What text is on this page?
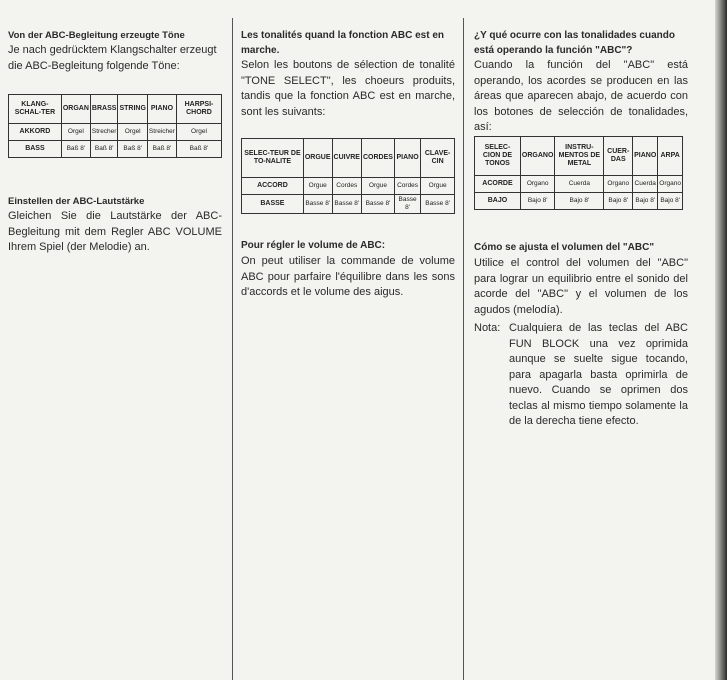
Von der ABC-Begleitung erzeugte Töne

Je nach gedrücktem Klangschalter erzeugt die ABC-Begleitung folgende Töne:

KLANG-SCHAL-TER	ORGAN	BRASS	STRING	PIANO	HARPSI-CHORD
AKKORD	Orgel	Strecher	Orgel	Streicher	Orgel
BASS	Baß 8'	Baß 8'	Baß 8'	Baß 8'	Baß 8'

Einstellen der ABC-Lautstärke

Gleichen Sie die Lautstärke der ABC-Begleitung mit dem Regler ABC VOLUME Ihrem Spiel (der Melodie) an.

Les tonalités quand la fonction ABC est en marche.

Selon les boutons de sélection de tonalité "TONE SELECT", les choeurs produits, tandis que la fonction ABC est en marche, sont les suivants:

SELEC-TEUR DE TO-NALITE	ORGUE	CUIVRE	CORDES	PIANO	CLAVE-CIN
ACCORD	Orgue	Cordes	Orgue	Cordes	Orgue
BASSE	Basse 8'	Basse 8'	Basse 8'	Basse 8'	Basse 8'

Pour régler le volume de ABC:

On peut utiliser la commande de volume ABC pour parfaire l'équilibre dans les sons d'accords et le volume des aigus.

¿Y qué ocurre con las tonalidades cuando está operando la función "ABC"?

Cuando la función del "ABC" está operando, los acordes se producen en las áreas que aparecen abajo, de acuerdo con los botones de selección de tonalidades, así:

SELEC-CION DE TONOS	ORGANO	INSTRU-MENTOS DE METAL	CUER-DAS	PIANO	ARPA
ACORDE	Organo	Cuerda	Organo	Cuerda	Organo
BAJO	Bajo 8'	Bajo 8'	Bajo 8'	Bajo 8'	Bajo 8'

Cómo se ajusta el volumen del "ABC"

Utilice el control del volumen del "ABC" para lograr un equilibrio entre el sonido del acorde del "ABC" y el volumen de los agudos (melodía).

Nota: Cualquiera de las teclas del ABC FUN BLOCK una vez oprimida aunque se suelte sigue tocando, para apagarla basta oprimirla de nuevo. Cuando se oprimen dos teclas al mismo tiempo solamente la de la derecha tiene efecto.
